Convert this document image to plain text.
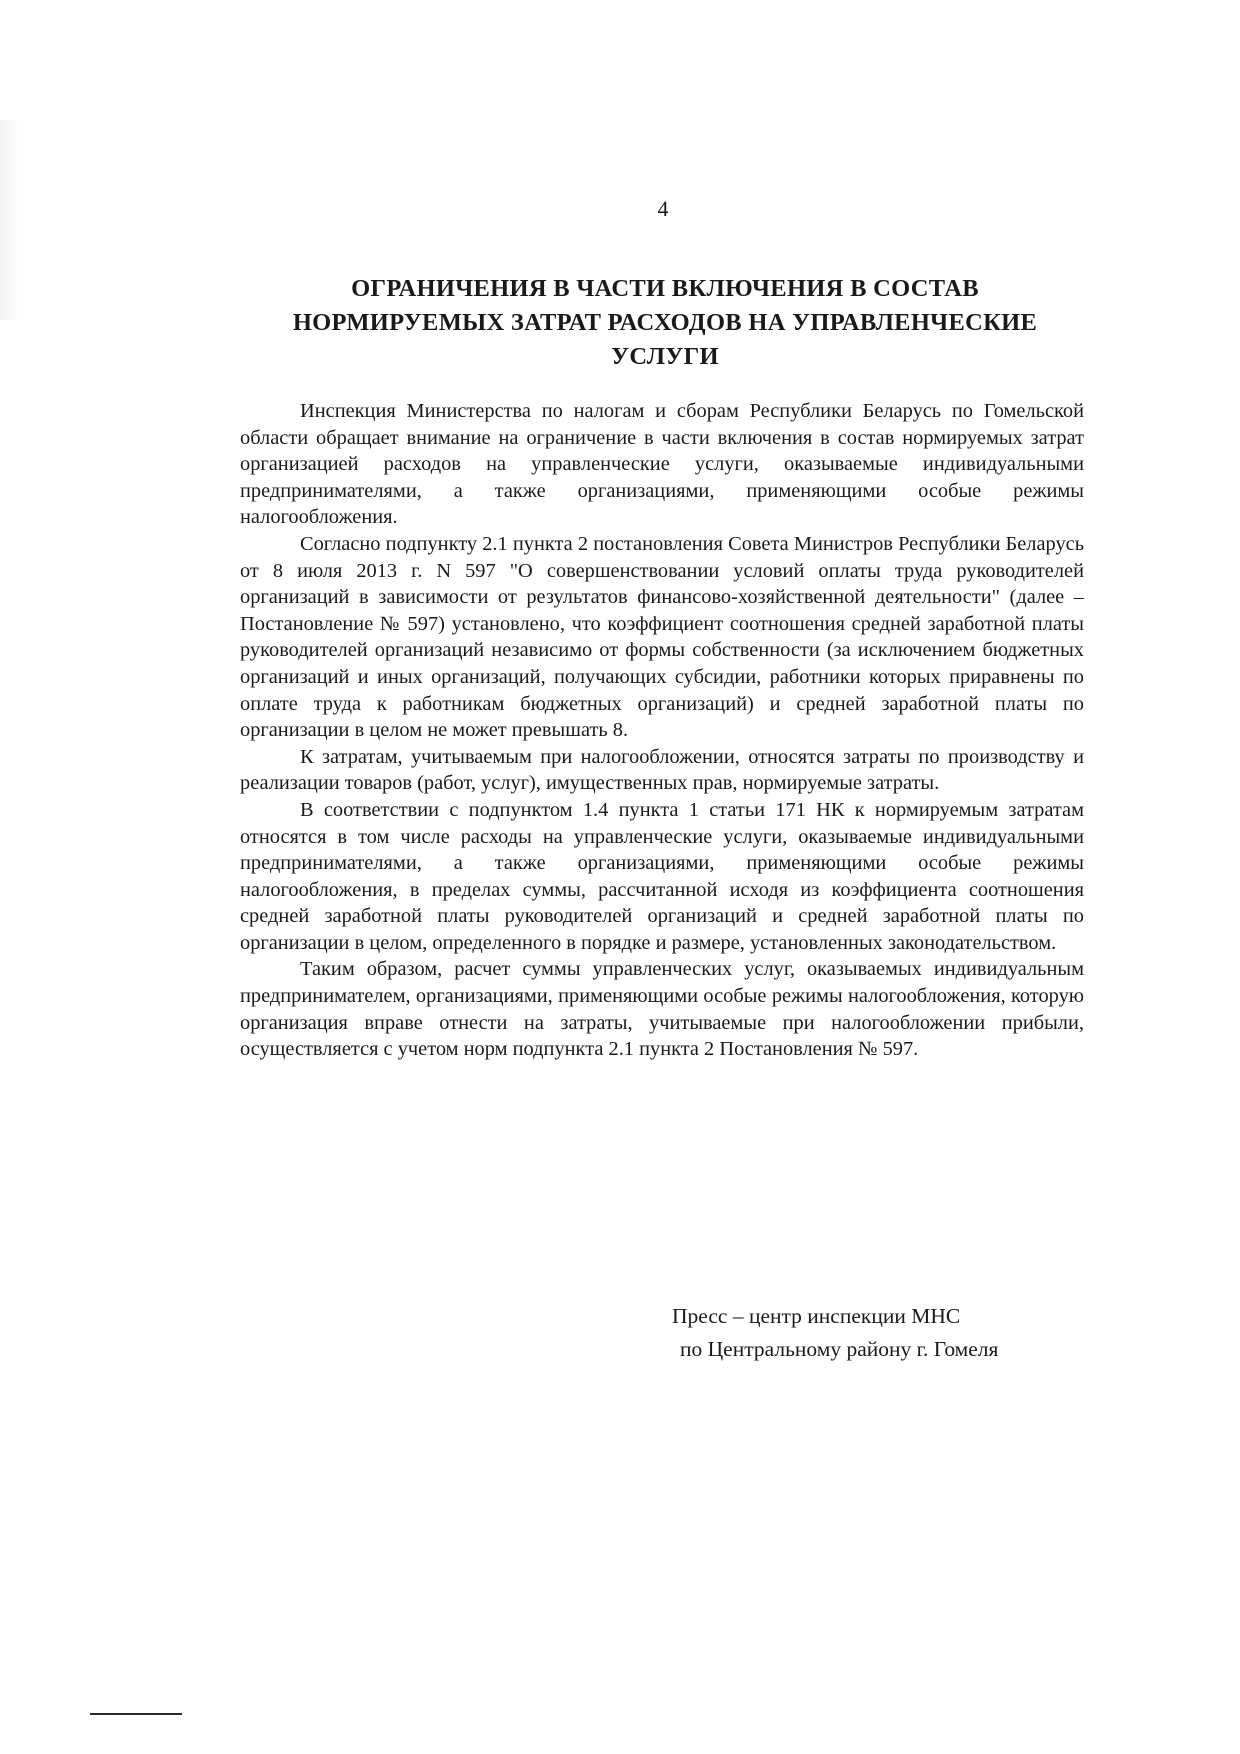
4
ОГРАНИЧЕНИЯ В ЧАСТИ ВКЛЮЧЕНИЯ В СОСТАВ
НОРМИРУЕМЫХ ЗАТРАТ РАСХОДОВ НА УПРАВЛЕНЧЕСКИЕ
УСЛУГИ

Инспекция Министерства по налогам и сборам Республики Беларусь по Гомельской области обращает внимание на ограничение в части включения в состав нормируемых затрат организацией расходов на управленческие услуги, оказываемые индивидуальными предпринимателями, а также организациями, применяющими особые режимы налогообложения.

Согласно подпункту 2.1 пункта 2 постановления Совета Министров Республики Беларусь от 8 июля 2013 г. N 597 "О совершенствовании условий оплаты труда руководителей организаций в зависимости от результатов финансово-хозяйственной деятельности" (далее – Постановление № 597) установлено, что коэффициент соотношения средней заработной платы руководителей организаций независимо от формы собственности (за исключением бюджетных организаций и иных организаций, получающих субсидии, работники которых приравнены по оплате труда к работникам бюджетных организаций) и средней заработной платы по организации в целом не может превышать 8.

К затратам, учитываемым при налогообложении, относятся затраты по производству и реализации товаров (работ, услуг), имущественных прав, нормируемые затраты.

В соответствии с подпунктом 1.4 пункта 1 статьи 171 НК к нормируемым затратам относятся в том числе расходы на управленческие услуги, оказываемые индивидуальными предпринимателями, а также организациями, применяющими особые режимы налогообложения, в пределах суммы, рассчитанной исходя из коэффициента соотношения средней заработной платы руководителей организаций и средней заработной платы по организации в целом, определенного в порядке и размере, установленных законодательством.

Таким образом, расчет суммы управленческих услуг, оказываемых индивидуальным предпринимателем, организациями, применяющими особые режимы налогообложения, которую организация вправе отнести на затраты, учитываемые при налогообложении прибыли, осуществляется с учетом норм подпункта 2.1 пункта 2 Постановления № 597.

Пресс – центр инспекции МНС
по Центральному району г. Гомеля
